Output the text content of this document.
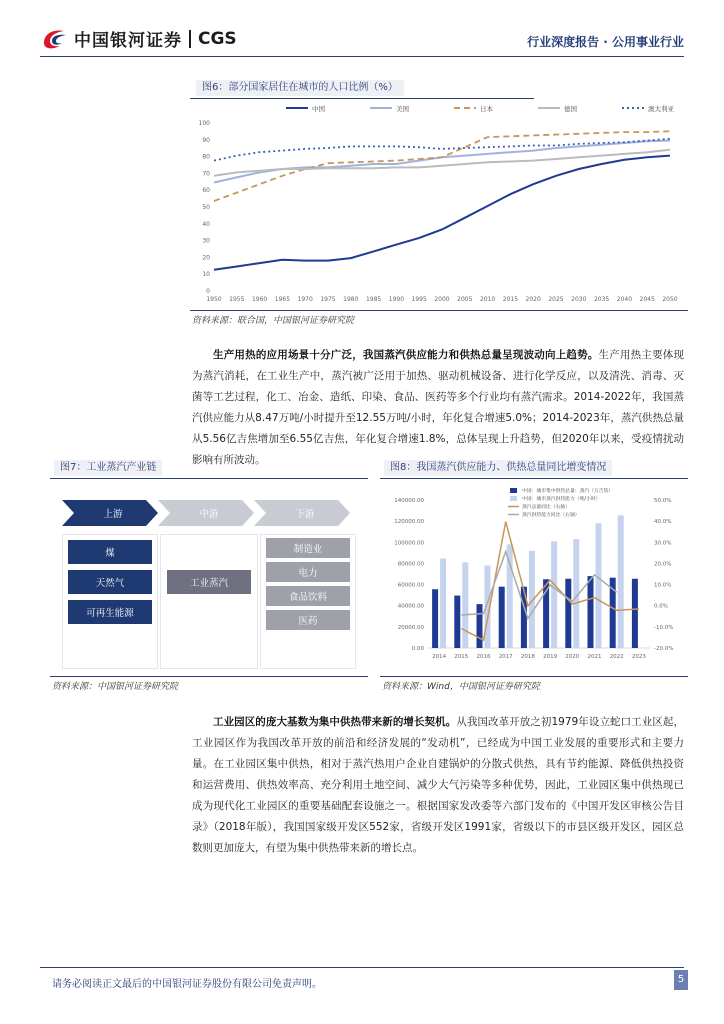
中国银河证券 CGS	行业深度报告 · 公用事业行业
图6：部分国家居住在城市的人口比例（%）
0
10
20
30
40
50
60
70
80
90
100
1950 1955 1960 1965 1970 1975 1980 1985 1990 1995 2000 2005 2010 2015 2020 2025 2030 2035 2040 2045 2050
中国	美国	日本	德国	澳大利亚
资料来源：联合国，中国银河证券研究院
生产用热的应用场景十分广泛，我国蒸汽供应能力和供热总量呈现波动向上趋势。生产用热主要体现为蒸汽消耗，在工业生产中，蒸汽被广泛用于加热、驱动机械设备、进行化学反应，以及清洗、消毒、灭菌等工艺过程，化工、冶金、造纸、印染、食品、医药等多个行业均有蒸汽需求。2014-2022年，我国蒸汽供应能力从8.47万吨/小时提升至12.55万吨/小时，年化复合增速5.0%；2014-2023年，蒸汽供热总量从5.56亿吉焦增加至6.55亿吉焦，年化复合增速1.8%，总体呈现上升趋势，但2020年以来，受疫情扰动影响有所波动。
图7：工业蒸汽产业链
上游	中游	下游
煤
天然气
可再生能源
工业蒸汽
制造业
电力
食品饮料
医药
资料来源：中国银河证券研究院
图8：我国蒸汽供应能力、供热总量同比增变情况
0.00
20000.00
40000.00
60000.00
80000.00
100000.00
120000.00
140000.00
-20.0%
-10.0%
0.0%
10.0%
20.0%
30.0%
40.0%
50.0%
2014 2015 2016 2017 2018 2019 2020 2021 2022 2023
中国：城市集中供热总量：蒸汽（万吉焦）
中国：城市蒸汽供热能力（吨/小时）
蒸汽总量同比（右轴）
蒸汽供热能力同比（右轴）
资料来源：Wind，中国银河证券研究院
工业园区的庞大基数为集中供热带来新的增长契机。从我国改革开放之初1979年设立蛇口工业区起，工业园区作为我国改革开放的前沿和经济发展的“发动机”，已经成为中国工业发展的重要形式和主要力量。在工业园区集中供热，相对于蒸汽热用户企业自建锅炉的分散式供热，具有节约能源、降低供热投资和运营费用、供热效率高、充分利用土地空间、减少大气污染等多种优势，因此，工业园区集中供热现已成为现代化工业园区的重要基础配套设施之一。根据国家发改委等六部门发布的《中国开发区审核公告目录》（2018年版），我国国家级开发区552家，省级开发区1991家，省级以下的市县区级开发区，园区总数则更加庞大，有望为集中供热带来新的增长点。
请务必阅读正文最后的中国银河证券股份有限公司免责声明。	5
